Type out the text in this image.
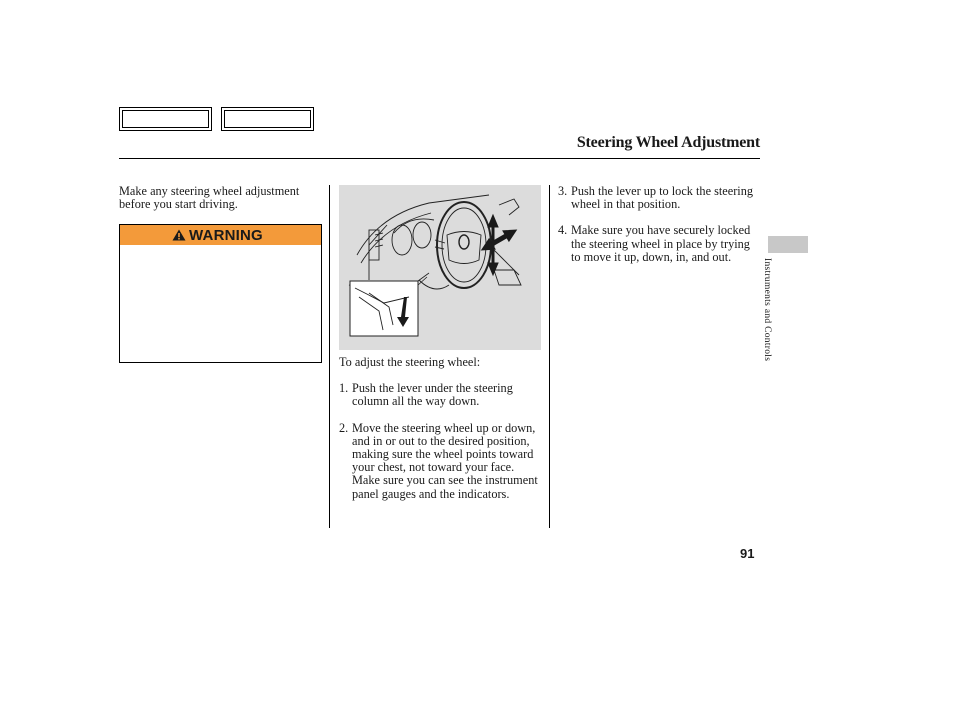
Steering Wheel Adjustment
Make any steering wheel adjustment before you start driving.
WARNING
To adjust the steering wheel:
1. Push the lever under the steering column all the way down.
2. Move the steering wheel up or down, and in or out to the desired position, making sure the wheel points toward your chest, not toward your face. Make sure you can see the instrument panel gauges and the indicators.
3. Push the lever up to lock the steering wheel in that position.
4. Make sure you have securely locked the steering wheel in place by trying to move it up, down, in, and out.
Instruments and Controls
91
